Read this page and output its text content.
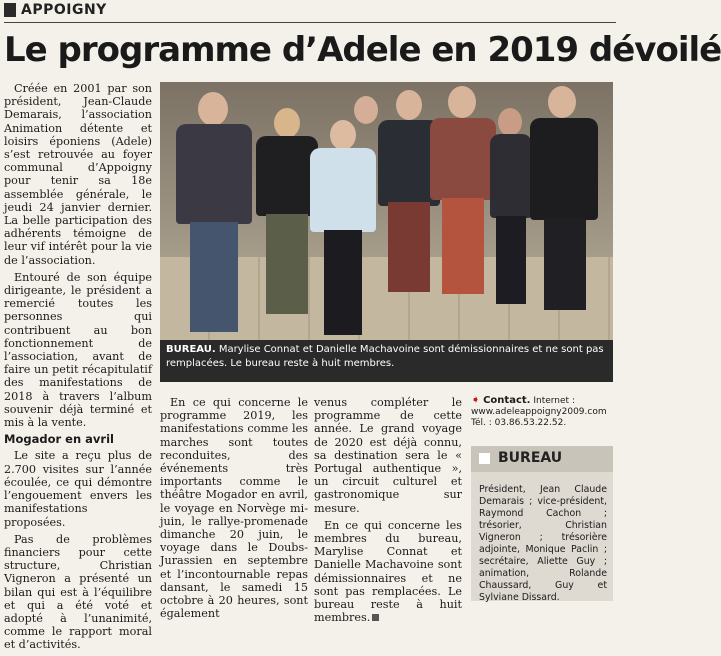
APPOIGNY
Le programme d’Adele en 2019 dévoilé

Créée en 2001 par son président, Jean-Claude Demarais, l’association Animation détente et loisirs époniens (Adele) s’est retrouvée au foyer communal d’Appoigny pour tenir sa 18e assemblée générale, le jeudi 24 janvier dernier. La belle participation des adhérents témoigne de leur vif intérêt pour la vie de l’association.

Entouré de son équipe dirigeante, le président a remercié toutes les personnes qui contribuent au bon fonctionnement de l’association, avant de faire un petit récapitulatif des manifestations de 2018 à travers l’album souvenir déjà terminé et mis à la vente.

Mogador en avril

Le site a reçu plus de 2.700 visites sur l’année écoulée, ce qui démontre l’engouement envers les manifestations proposées.

Pas de problèmes financiers pour cette structure, Christian Vigneron a présenté un bilan qui est à l’équilibre et qui a été voté et adopté à l’unanimité, comme le rapport moral et d’activités.

BUREAU. Marylise Connat et Danielle Machavoine sont démissionnaires et ne sont pas remplacées. Le bureau reste à huit membres.

En ce qui concerne le programme 2019, les manifestations comme les marches sont toutes reconduites, des événements très importants comme le théâtre Mogador en avril, le voyage en Norvège mi-juin, le rallye-promenade dimanche 20 juin, le voyage dans le Doubs-Jurassien en septembre et l’incontournable repas dansant, le samedi 15 octobre à 20 heures, sont également

venus compléter le programme de cette année. Le grand voyage de 2020 est déjà connu, sa destination sera le « Portugal authentique », un circuit culturel et gastronomique sur mesure.

En ce qui concerne les membres du bureau, Marylise Connat et Danielle Machavoine sont démissionnaires et ne sont pas remplacées. Le bureau reste à huit membres.

➧ Contact. Internet :
www.adeleappoigny2009.com
Tél. : 03.86.53.22.52.
BUREAU
Président, Jean Claude Demarais ; vice-président, Raymond Cachon ; trésorier, Christian Vigneron ; trésorière adjointe, Monique Paclin ; secrétaire, Aliette Guy ; animation, Rolande Chaussard, Guy et Sylviane Dissard.
